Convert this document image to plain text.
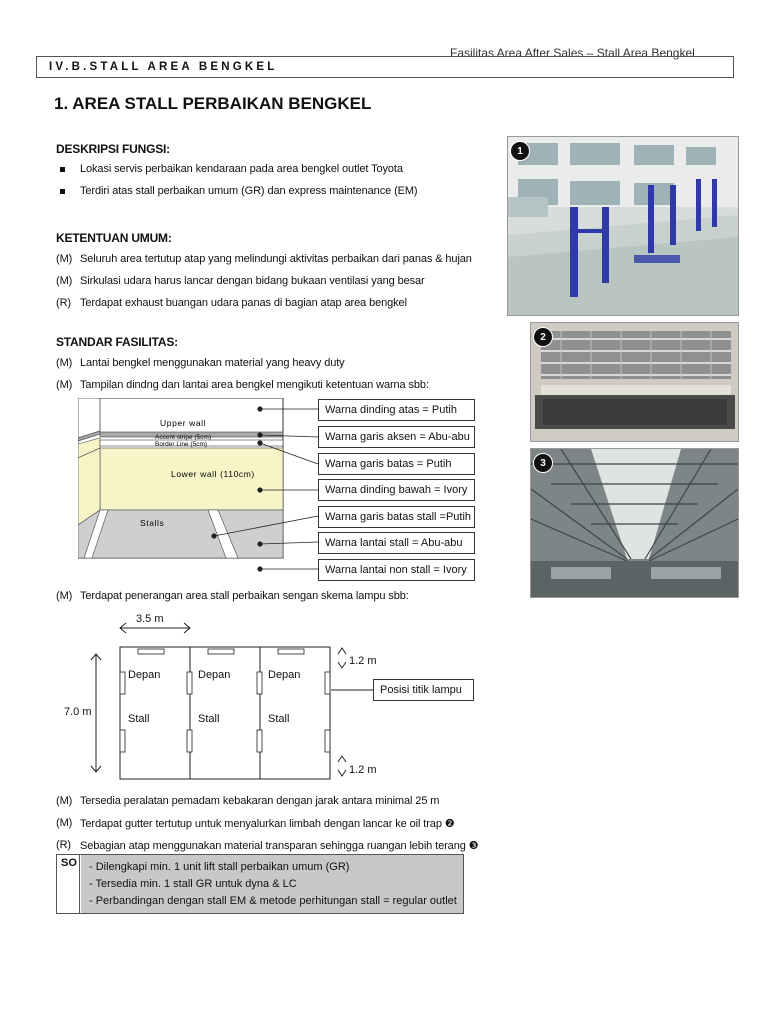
Fasilitas Area After Sales – Stall Area Bengkel
IV.B.STALL AREA BENGKEL
1. AREA STALL PERBAIKAN BENGKEL
DESKRIPSI FUNGSI:
Lokasi servis perbaikan kendaraan pada area bengkel outlet Toyota
Terdiri atas stall perbaikan umum (GR) dan express maintenance (EM)
KETENTUAN UMUM:
(M) Seluruh area tertutup atap yang melindungi aktivitas perbaikan dari panas & hujan
(M) Sirkulasi udara harus lancar dengan bidang bukaan ventilasi yang besar
(R) Terdapat exhaust buangan udara panas di bagian atap area bengkel
STANDAR FASILITAS:
(M) Lantai bengkel menggunakan material yang heavy duty
(M) Tampilan dindng dan lantai area bengkel mengikuti ketentuan warna sbb:
Upper wall
Accent stripe (5cm)
Border Line (5cm)
Lower wall (110cm)
Stalls
Warna dinding atas = Putih
Warna garis aksen = Abu-abu
Warna garis batas = Putih
Warna dinding bawah = Ivory
Warna garis batas stall =Putih
Warna lantai stall = Abu-abu
Warna lantai non stall = Ivory
(M) Terdapat penerangan area stall perbaikan sengan skema lampu sbb:
3.5 m
7.0 m
1.2 m
1.2 m
Depan	Depan	Depan
Stall	Stall	Stall
Posisi titik lampu
(M) Tersedia peralatan pemadam kebakaran dengan jarak antara minimal 25 m
(M) Terdapat gutter tertutup untuk menyalurkan limbah dengan lancar ke oil trap ❷
(R) Sebagian atap menggunakan material transparan sehingga ruangan lebih terang ❸
SO - Dilengkapi min. 1 unit lift stall perbaikan umum (GR)
- Tersedia min. 1 stall GR untuk dyna & LC
- Perbandingan dengan stall EM & metode perhitungan stall = regular outlet
1
2
3
